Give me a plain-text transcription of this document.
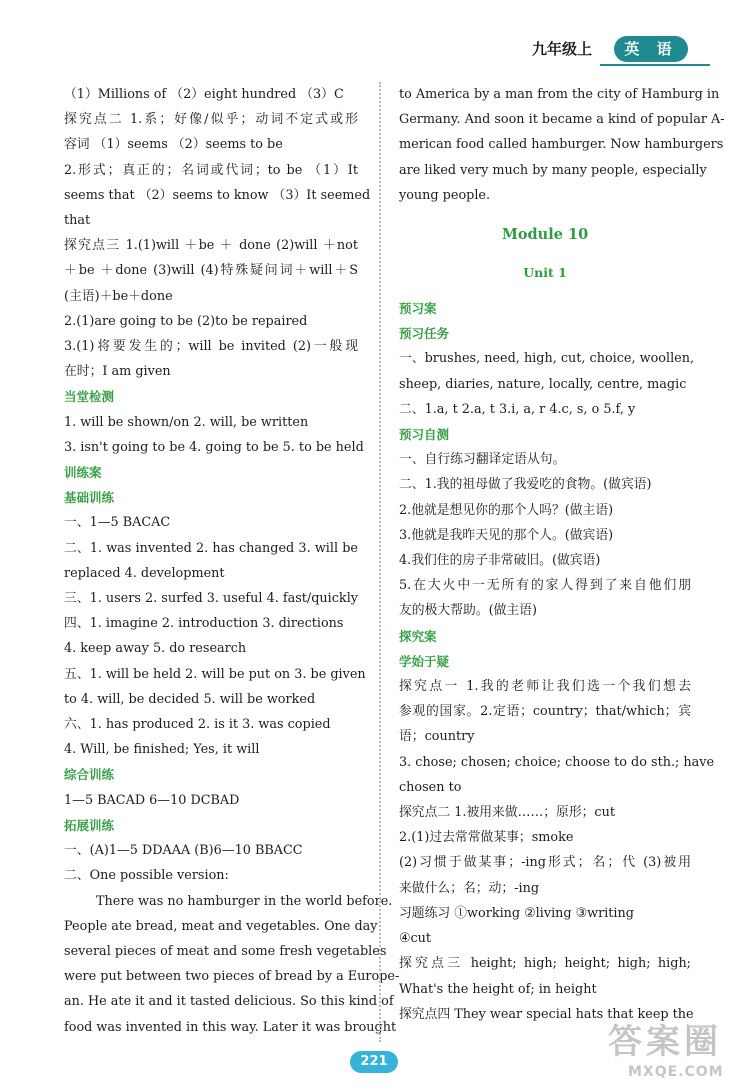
九年级上	英 语
（1）Millions of （2）eight hundred （3）C
探究点二 1.系；好像/似乎；动词不定式或形
容词 （1）seems （2）seems to be
2.形式；真正的；名词或代词；to be （1）It
seems that （2）seems to know （3）It seemed
that
探究点三 1.(1)will ＋be ＋ done (2)will ＋not
＋be ＋done (3)will (4)特殊疑问词＋will＋S
(主语)＋be＋done
2.(1)are going to be (2)to be repaired
3.(1)将要发生的；will be invited (2)一般现
在时；I am given
当堂检测
1. will be shown/on 2. will, be written
3. isn't going to be 4. going to be 5. to be held
训练案
基础训练
一、1—5 BACAC
二、1. was invented 2. has changed 3. will be
replaced 4. development
三、1. users 2. surfed 3. useful 4. fast/quickly
四、1. imagine 2. introduction 3. directions
4. keep away 5. do research
五、1. will be held 2. will be put on 3. be given
to 4. will, be decided 5. will be worked
六、1. has produced 2. is it 3. was copied
4. Will, be finished; Yes, it will
综合训练
1—5 BACAD 6—10 DCBAD
拓展训练
一、(A)1—5 DDAAA (B)6—10 BBACC
二、One possible version:
There was no hamburger in the world before.
People ate bread, meat and vegetables. One day
several pieces of meat and some fresh vegetables
were put between two pieces of bread by a Europe-
an. He ate it and it tasted delicious. So this kind of
food was invented in this way. Later it was brought
to America by a man from the city of Hamburg in
Germany. And soon it became a kind of popular A-
merican food called hamburger. Now hamburgers
are liked very much by many people, especially
young people.
Module 10
Unit 1
预习案
预习任务
一、brushes, need, high, cut, choice, woollen,
sheep, diaries, nature, locally, centre, magic
二、1.a, t 2.a, t 3.i, a, r 4.c, s, o 5.f, y
预习自测
一、自行练习翻译定语从句。
二、1.我的祖母做了我爱吃的食物。(做宾语)
2.他就是想见你的那个人吗？(做主语)
3.他就是我昨天见的那个人。(做宾语)
4.我们住的房子非常破旧。(做宾语)
5.在大火中一无所有的家人得到了来自他们朋
友的极大帮助。(做主语)
探究案
学始于疑
探究点一 1.我的老师让我们选一个我们想去
参观的国家。2.定语；country；that/which；宾
语；country
3. chose; chosen; choice; choose to do sth.; have
chosen to
探究点二 1.被用来做……；原形；cut
2.(1)过去常常做某事；smoke
(2)习惯于做某事；-ing形式；名；代 (3)被用
来做什么；名；动；-ing
习题练习 ①working ②living ③writing
④cut
探究点三 height; high; height; high; high;
What's the height of; in height
探究点四 They wear special hats that keep the
221	答案圈
MXQE.COM
